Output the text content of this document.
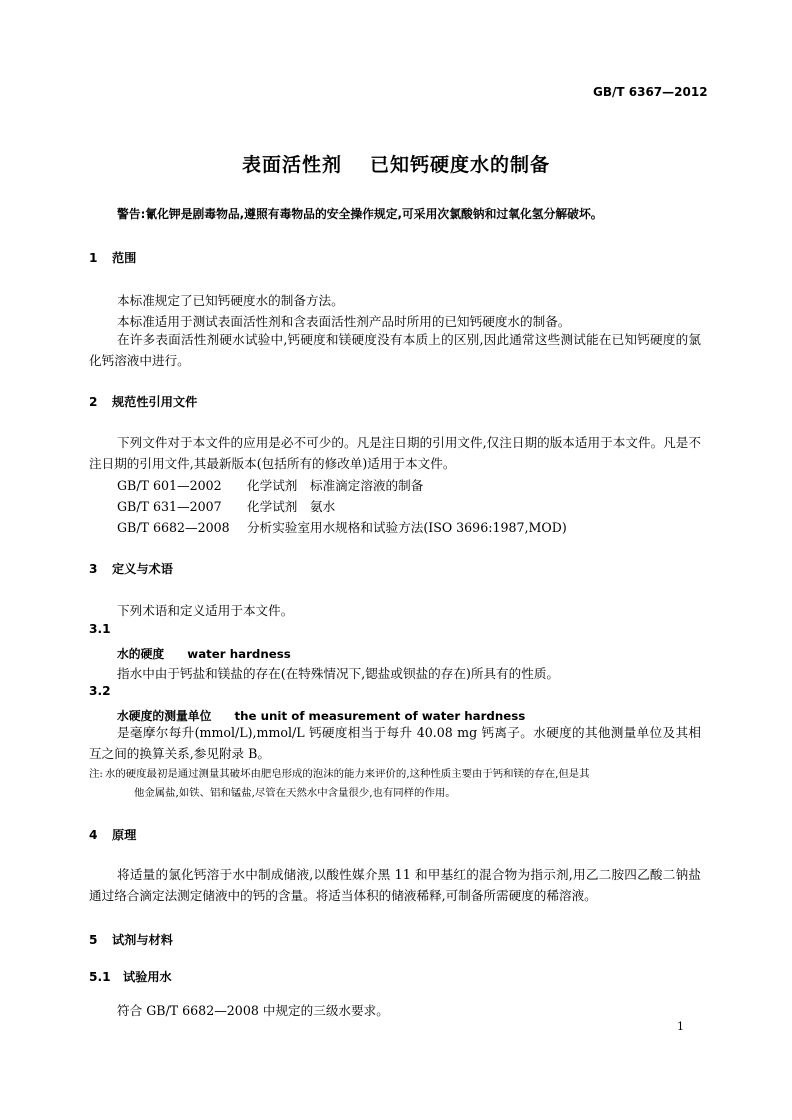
GB/T 6367—2012
表面活性剂 已知钙硬度水的制备
警告:氰化钾是剧毒物品,遵照有毒物品的安全操作规定,可采用次氯酸钠和过氧化氢分解破坏。
1 范围
本标准规定了已知钙硬度水的制备方法。
本标准适用于测试表面活性剂和含表面活性剂产品时所用的已知钙硬度水的制备。
在许多表面活性剂硬水试验中,钙硬度和镁硬度没有本质上的区别,因此通常这些测试能在已知钙硬度的氯化钙溶液中进行。
2 规范性引用文件
下列文件对于本文件的应用是必不可少的。凡是注日期的引用文件,仅注日期的版本适用于本文件。凡是不注日期的引用文件,其最新版本(包括所有的修改单)适用于本文件。
GB/T 601—2002 化学试剂　标准滴定溶液的制备
GB/T 631—2007 化学试剂　氨水
GB/T 6682—2008 分析实验室用水规格和试验方法(ISO 3696:1987,MOD)
3 定义与术语
下列术语和定义适用于本文件。
3.1
水的硬度 water hardness
指水中由于钙盐和镁盐的存在(在特殊情况下,锶盐或钡盐的存在)所具有的性质。
3.2
水硬度的测量单位 the unit of measurement of water hardness
是毫摩尔每升(mmol/L),mmol/L 钙硬度相当于每升 40.08 mg 钙离子。水硬度的其他测量单位及其相互之间的换算关系,参见附录 B。
注: 水的硬度最初是通过测量其破坏由肥皂形成的泡沫的能力来评价的,这种性质主要由于钙和镁的存在,但是其
他金属盐,如铁、铝和锰盐,尽管在天然水中含量很少,也有同样的作用。
4 原理
将适量的氯化钙溶于水中制成储液,以酸性媒介黑 11 和甲基红的混合物为指示剂,用乙二胺四乙酸二钠盐通过络合滴定法测定储液中的钙的含量。将适当体积的储液稀释,可制备所需硬度的稀溶液。
5 试剂与材料
5.1 试验用水
符合 GB/T 6682—2008 中规定的三级水要求。
1
